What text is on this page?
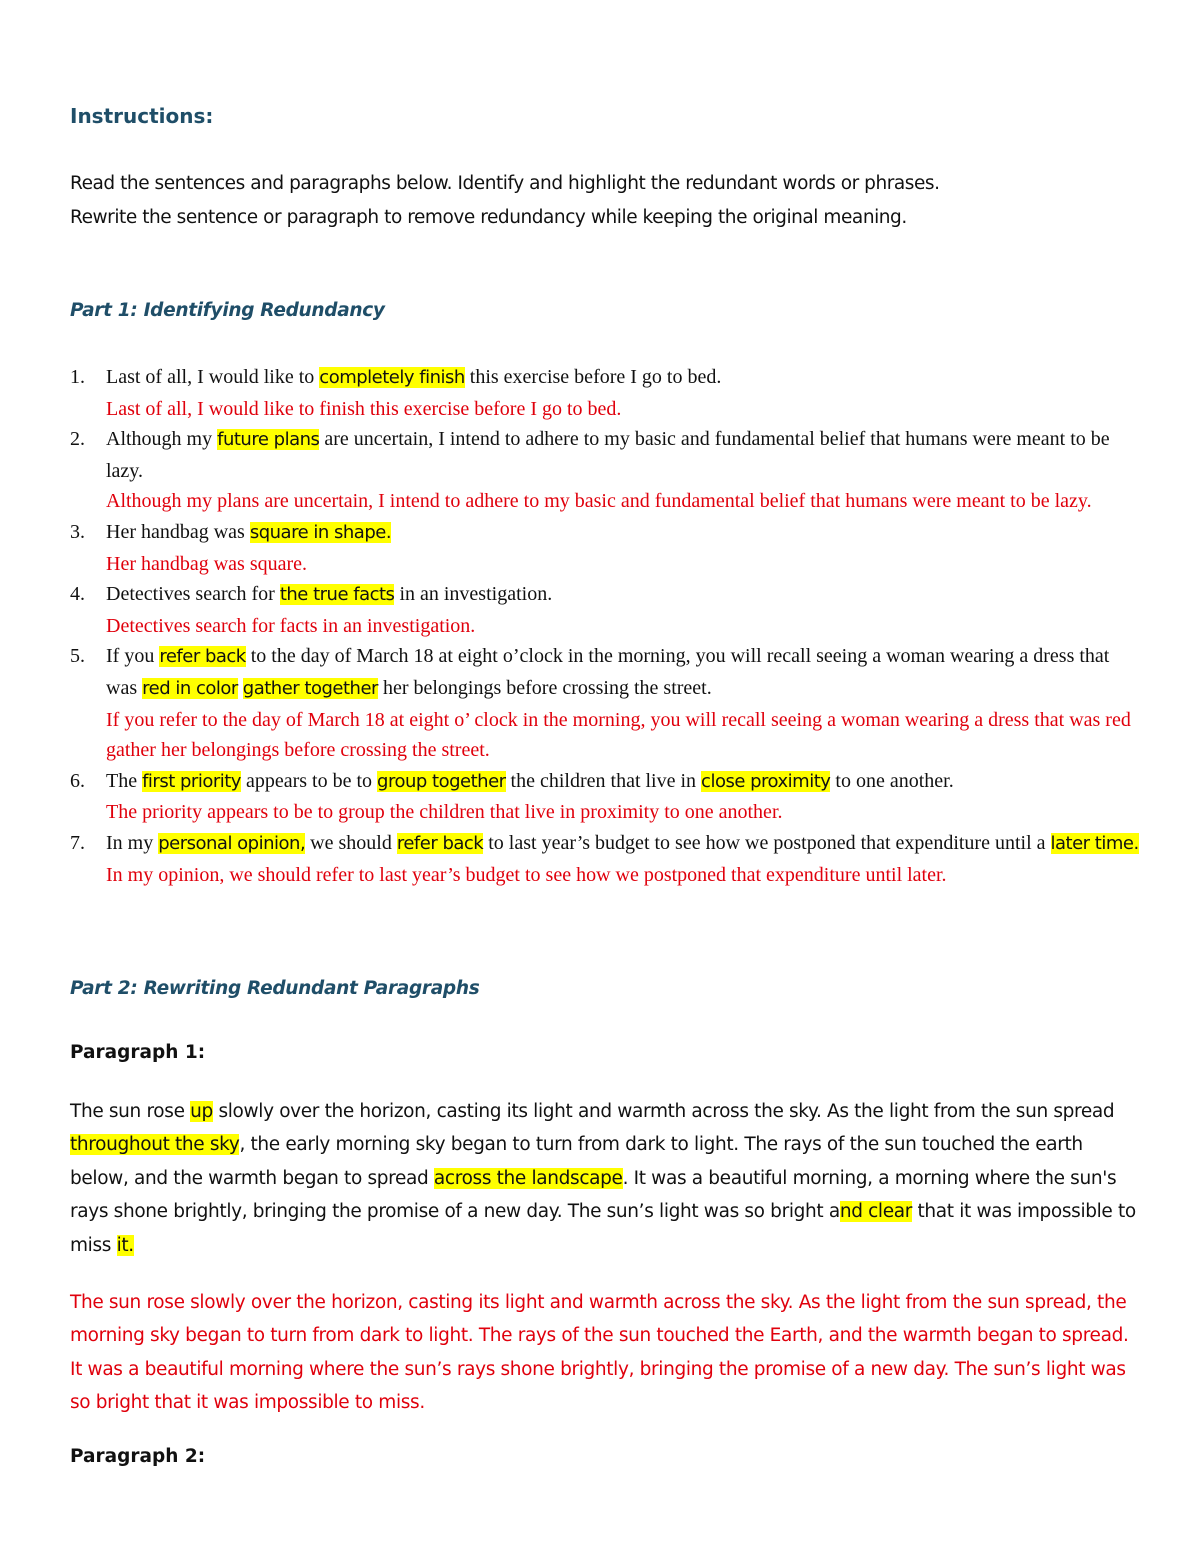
Instructions:

Read the sentences and paragraphs below. Identify and highlight the redundant words or phrases.
Rewrite the sentence or paragraph to remove redundancy while keeping the original meaning.

Part 1: Identifying Redundancy
1. Last of all, I would like to completely finish this exercise before I go to bed.
Last of all, I would like to finish this exercise before I go to bed.
2. Although my future plans are uncertain, I intend to adhere to my basic and fundamental belief that humans were meant to be lazy.
Although my plans are uncertain, I intend to adhere to my basic and fundamental belief that humans were meant to be lazy.
3. Her handbag was square in shape.
Her handbag was square.
4. Detectives search for the true facts in an investigation.
Detectives search for facts in an investigation.
5. If you refer back to the day of March 18 at eight o’clock in the morning, you will recall seeing a woman wearing a dress that was red in color gather together her belongings before crossing the street.
If you refer to the day of March 18 at eight o’ clock in the morning, you will recall seeing a woman wearing a dress that was red gather her belongings before crossing the street.
6. The first priority appears to be to group together the children that live in close proximity to one another.
The priority appears to be to group the children that live in proximity to one another.
7. In my personal opinion, we should refer back to last year’s budget to see how we postponed that expenditure until a later time.
In my opinion, we should refer to last year’s budget to see how we postponed that expenditure until later.
Part 2: Rewriting Redundant Paragraphs
Paragraph 1:

The sun rose up slowly over the horizon, casting its light and warmth across the sky. As the light from the sun spread throughout the sky, the early morning sky began to turn from dark to light. The rays of the sun touched the earth below, and the warmth began to spread across the landscape. It was a beautiful morning, a morning where the sun's rays shone brightly, bringing the promise of a new day. The sun’s light was so bright and clear that it was impossible to miss it.

The sun rose slowly over the horizon, casting its light and warmth across the sky. As the light from the sun spread, the morning sky began to turn from dark to light. The rays of the sun touched the Earth, and the warmth began to spread. It was a beautiful morning where the sun’s rays shone brightly, bringing the promise of a new day. The sun’s light was so bright that it was impossible to miss.

Paragraph 2:
